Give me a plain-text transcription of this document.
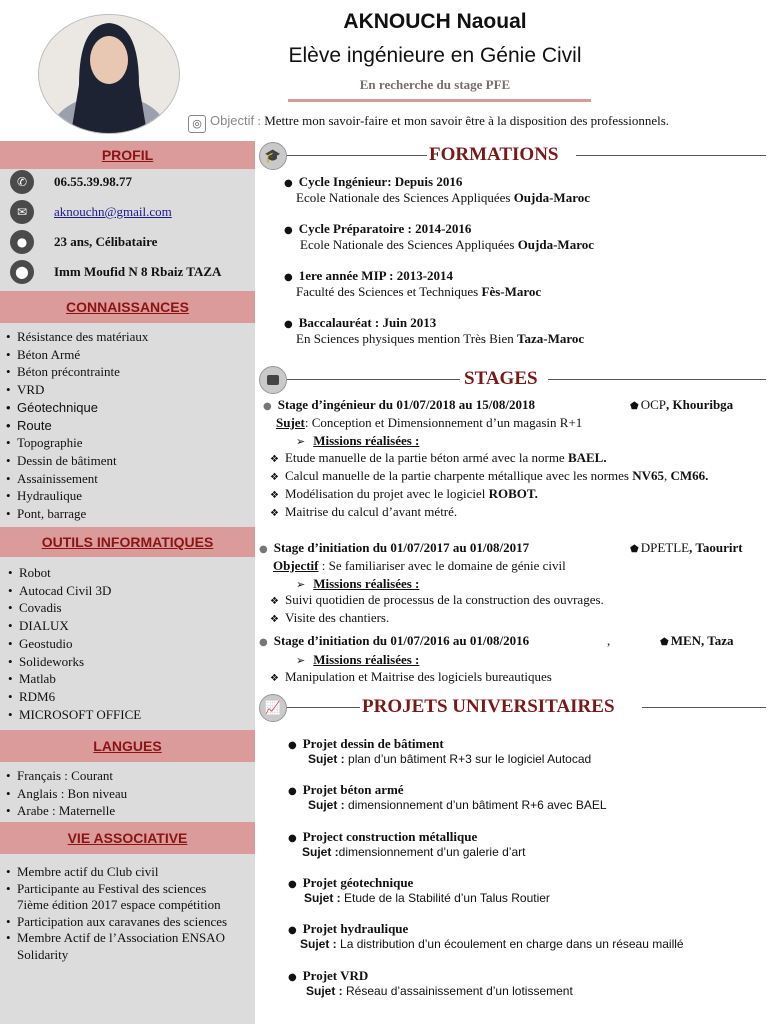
AKNOUCH Naoual
Elève ingénieure en Génie Civil
En recherche du stage PFE
◎ Objectif : Mettre mon savoir-faire et mon savoir être à la disposition des professionnels.
PROFIL
✆	06.55.39.98.77
✉	aknouchn@gmail.com
●	23 ans, Célibataire
⬤	Imm Moufid N 8 Rbaiz TAZA
CONNAISSANCES
• Résistance des matériaux
• Béton Armé
• Béton précontrainte
• VRD
• Géotechnique
• Route
• Topographie
• Dessin de bâtiment
• Assainissement
• Hydraulique
• Pont, barrage
OUTILS INFORMATIQUES
• Robot
• Autocad Civil 3D
• Covadis
• DIALUX
• Geostudio
• Solideworks
• Matlab
• RDM6
• MICROSOFT OFFICE
LANGUES
• Français : Courant
• Anglais : Bon niveau
• Arabe : Maternelle
VIE ASSOCIATIVE
• Membre actif du Club civil
• Participante au Festival des sciences 7ième édition 2017 espace compétition
• Participation aux caravanes des sciences
• Membre Actif de l’Association ENSAO Solidarity
🎓	FORMATIONS
● Cycle Ingénieur: Depuis 2016
Ecole Nationale des Sciences Appliquées Oujda-Maroc
● Cycle Préparatoire : 2014-2016
Ecole Nationale des Sciences Appliquées Oujda-Maroc
● 1ere année MIP : 2013-2014
Faculté des Sciences et Techniques Fès-Maroc
● Baccalauréat : Juin 2013
En Sciences physiques mention Très Bien Taza-Maroc
STAGES
● Stage d’ingénieur du 01/07/2018 au 15/08/2018	⬟ OCP, Khouribga
Sujet: Conception et Dimensionnement d’un magasin R+1
➢ Missions réalisées :
❖ Etude manuelle de la partie béton armé avec la norme BAEL.
❖ Calcul manuelle de la partie charpente métallique avec les normes NV65, CM66.
❖ Modélisation du projet avec le logiciel ROBOT.
❖ Maitrise du calcul d’avant métré.
● Stage d’initiation du 01/07/2017 au 01/08/2017	⬟ DPETLE, Taourirt
Objectif : Se familiariser avec le domaine de génie civil
➢ Missions réalisées :
❖ Suivi quotidien de processus de la construction des ouvrages.
❖ Visite des chantiers.
● Stage d’initiation du 01/07/2016 au 01/08/2016	,	⬟ MEN, Taza
➢ Missions réalisées :
❖ Manipulation et Maitrise des logiciels bureautiques
📈	PROJETS UNIVERSITAIRES
● Projet dessin de bâtiment
Sujet : plan d’un bâtiment R+3 sur le logiciel Autocad
● Projet béton armé
Sujet : dimensionnement d’un bâtiment R+6 avec BAEL
● Project construction métallique
Sujet :dimensionnement d’un galerie d’art
● Projet géotechnique
Sujet : Etude de la Stabilité d’un Talus Routier
● Projet hydraulique
Sujet : La distribution d’un écoulement en charge dans un réseau maillé
● Projet VRD
Sujet : Réseau d’assainissement d’un lotissement
